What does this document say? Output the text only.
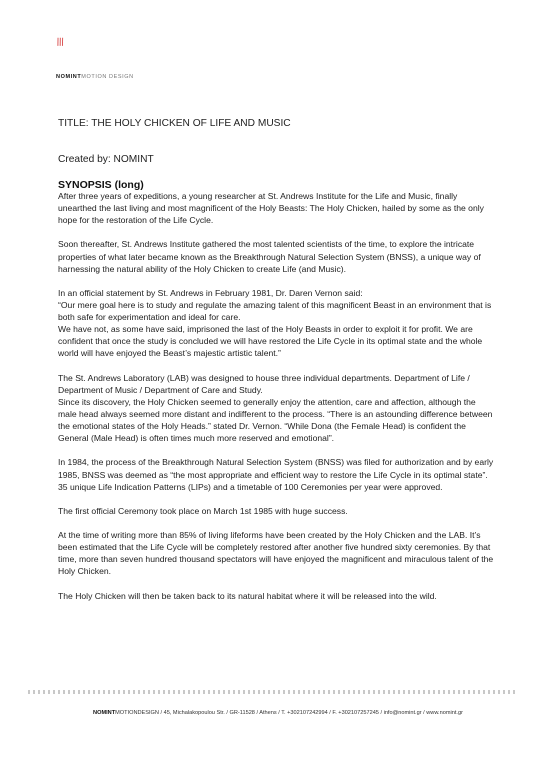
\\\
NOMINTMOTION DESIGN

TITLE: THE HOLY CHICKEN OF LIFE AND MUSIC

Created by: NOMINT

SYNOPSIS (long)

After three years of expeditions, a young researcher at St. Andrews Institute for the Life and Music, finally unearthed the last living and most magnificent of the Holy Beasts: The Holy Chicken, hailed by some as the only hope for the restoration of the Life Cycle.

Soon thereafter, St. Andrews Institute gathered the most talented scientists of the time, to explore the intricate properties of what later became known as the Breakthrough Natural Selection System (BNSS), a unique way of harnessing the natural ability of the Holy Chicken to create Life (and Music).

In an official statement by St. Andrews in February 1981, Dr. Daren Vernon said:
“Our mere goal here is to study and regulate the amazing talent of this magnificent Beast in an environment that is both safe for experimentation and ideal for care.
We have not, as some have said, imprisoned the last of the Holy Beasts in order to exploit it for profit. We are confident that once the study is concluded we will have restored the Life Cycle in its optimal state and the whole world will have enjoyed the Beast’s majestic artistic talent.”

The St. Andrews Laboratory (LAB) was designed to house three individual departments. Department of Life / Department of Music / Department of Care and Study.
Since its discovery, the Holy Chicken seemed to generally enjoy the attention, care and affection, although the male head always seemed more distant and indifferent to the process. “There is an astounding difference between the emotional states of the Holy Heads.” stated Dr. Vernon. “While Dona (the Female Head) is confident the General (Male Head) is often times much more reserved and emotional”.

In 1984, the process of the Breakthrough Natural Selection System (BNSS) was filed for authorization and by early 1985, BNSS was deemed as “the most appropriate and efficient way to restore the Life Cycle in its optimal state”. 35 unique Life Indication Patterns (LIPs) and a timetable of 100 Ceremonies per year were approved.

The first official Ceremony took place on March 1st 1985 with huge success.

At the time of writing more than 85% of living lifeforms have been created by the Holy Chicken and the LAB. It’s been estimated that the Life Cycle will be completely restored after another five hundred sixty ceremonies. By that time, more than seven hundred thousand spectators will have enjoyed the magnificent and miraculous talent of the Holy Chicken.

The Holy Chicken will then be taken back to its natural habitat where it will be released into the wild.

NOMINTMOTIONDESIGN / 45, Michalakopoulou Str. / GR-11528 / Athens / T. +302107242994 / F. +302107257245 / info@nomint.gr / www.nomint.gr
